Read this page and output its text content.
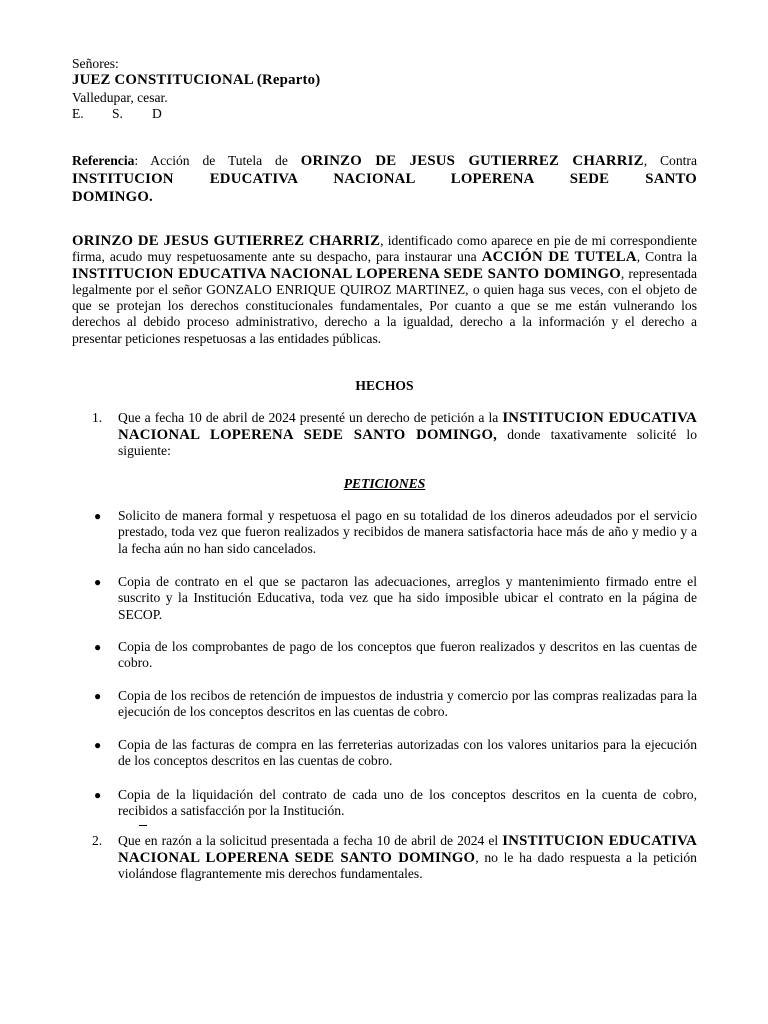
Señores:
JUEZ CONSTITUCIONAL (Reparto)
Valledupar, cesar.
E. S. D
Referencia: Acción de Tutela de ORINZO DE JESUS GUTIERREZ CHARRIZ, Contra INSTITUCION EDUCATIVA NACIONAL LOPERENA SEDE SANTO DOMINGO.
ORINZO DE JESUS GUTIERREZ CHARRIZ, identificado como aparece en pie de mi correspondiente firma, acudo muy respetuosamente ante su despacho, para instaurar una ACCIÓN DE TUTELA, Contra la INSTITUCION EDUCATIVA NACIONAL LOPERENA SEDE SANTO DOMINGO, representada legalmente por el señor GONZALO ENRIQUE QUIROZ MARTINEZ, o quien haga sus veces, con el objeto de que se protejan los derechos constitucionales fundamentales, Por cuanto a que se me están vulnerando los derechos al debido proceso administrativo, derecho a la igualdad, derecho a la información y el derecho a presentar peticiones respetuosas a las entidades públicas.
HECHOS
1.	Que a fecha 10 de abril de 2024 presenté un derecho de petición a la INSTITUCION EDUCATIVA NACIONAL LOPERENA SEDE SANTO DOMINGO, donde taxativamente solicité lo siguiente:
PETICIONES
● Solicito de manera formal y respetuosa el pago en su totalidad de los dineros adeudados por el servicio prestado, toda vez que fueron realizados y recibidos de manera satisfactoria hace más de año y medio y a la fecha aún no han sido cancelados.
● Copia de contrato en el que se pactaron las adecuaciones, arreglos y mantenimiento firmado entre el suscrito y la Institución Educativa, toda vez que ha sido imposible ubicar el contrato en la página de SECOP.
● Copia de los comprobantes de pago de los conceptos que fueron realizados y descritos en las cuentas de cobro.
● Copia de los recibos de retención de impuestos de industria y comercio por las compras realizadas para la ejecución de los conceptos descritos en las cuentas de cobro.
● Copia de las facturas de compra en las ferreterias autorizadas con los valores unitarios para la ejecución de los conceptos descritos en las cuentas de cobro.
● Copia de la liquidación del contrato de cada uno de los conceptos descritos en la cuenta de cobro, recibidos a satisfacción por la Institución.
2.	Que en razón a la solicitud presentada a fecha 10 de abril de 2024 el INSTITUCION EDUCATIVA NACIONAL LOPERENA SEDE SANTO DOMINGO, no le ha dado respuesta a la petición violándose flagrantemente mis derechos fundamentales.
